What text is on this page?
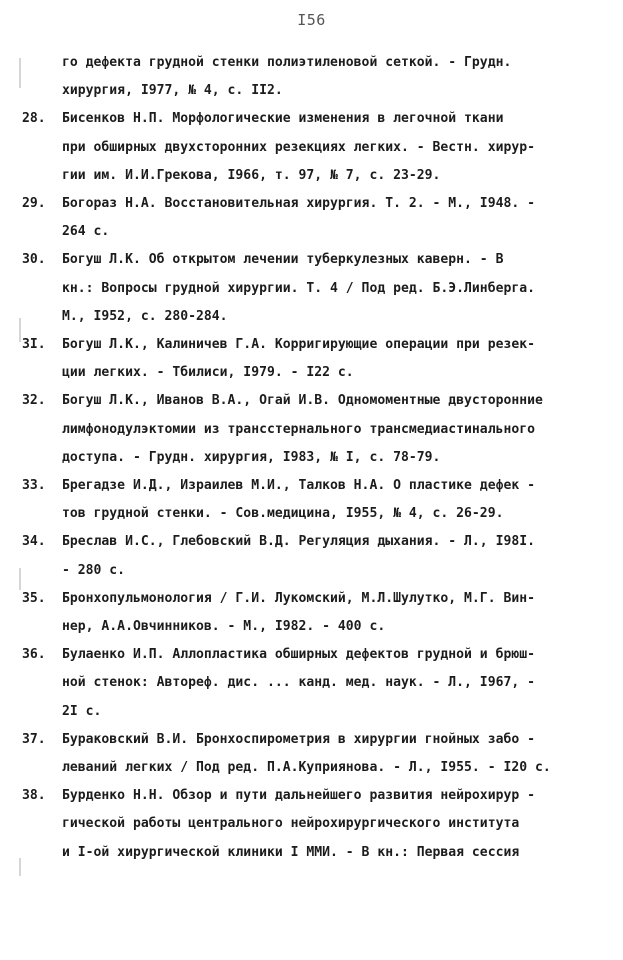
I56
го дефекта грудной стенки полиэтиленовой сеткой. - Грудн.
хирургия, I977, № 4, с. II2.
28.	Бисенков Н.П. Морфологические изменения в легочной ткани
при обширных двухсторонних резекциях легких. - Вестн. хирур-
гии им. И.И.Грекова, I966, т. 97, № 7, с. 23-29.
29.	Богораз Н.А. Восстановительная хирургия. Т. 2. - М., I948. -
264 с.
30.	Богуш Л.К. Об открытом лечении туберкулезных каверн. - В
кн.: Вопросы грудной хирургии. Т. 4 / Под ред. Б.Э.Линберга.
М., I952, с. 280-284.
3I.	Богуш Л.К., Калиничев Г.А. Корригирующие операции при резек-
ции легких. - Тбилиси, I979. - I22 с.
32.	Богуш Л.К., Иванов В.А., Огай И.В. Одномоментные двусторонние
лимфонодулэктомии из трансстернального трансмедиастинального
доступа. - Грудн. хирургия, I983, № I, с. 78-79.
33.	Брегадзе И.Д., Израилев М.И., Талков Н.А. О пластике дефек -
тов грудной стенки. - Сов.медицина, I955, № 4, с. 26-29.
34.	Бреслав И.С., Глебовский В.Д. Регуляция дыхания. - Л., I98I.
- 280 с.
35.	Бронхопульмонология / Г.И. Лукомский, М.Л.Шулутко, М.Г. Вин-
нер, А.А.Овчинников. - М., I982. - 400 с.
36.	Булаенко И.П. Аллопластика обширных дефектов грудной и брюш-
ной стенок: Автореф. дис. ... канд. мед. наук. - Л., I967, -
2I с.
37.	Бураковский В.И. Бронхоспирометрия в хирургии гнойных забо -
леваний легких / Под ред. П.А.Куприянова. - Л., I955. - I20 с.
38.	Бурденко Н.Н. Обзор и пути дальнейшего развития нейрохирур -
гической работы центрального нейрохирургического института
и I-ой хирургической клиники I ММИ. - В кн.: Первая сессия
